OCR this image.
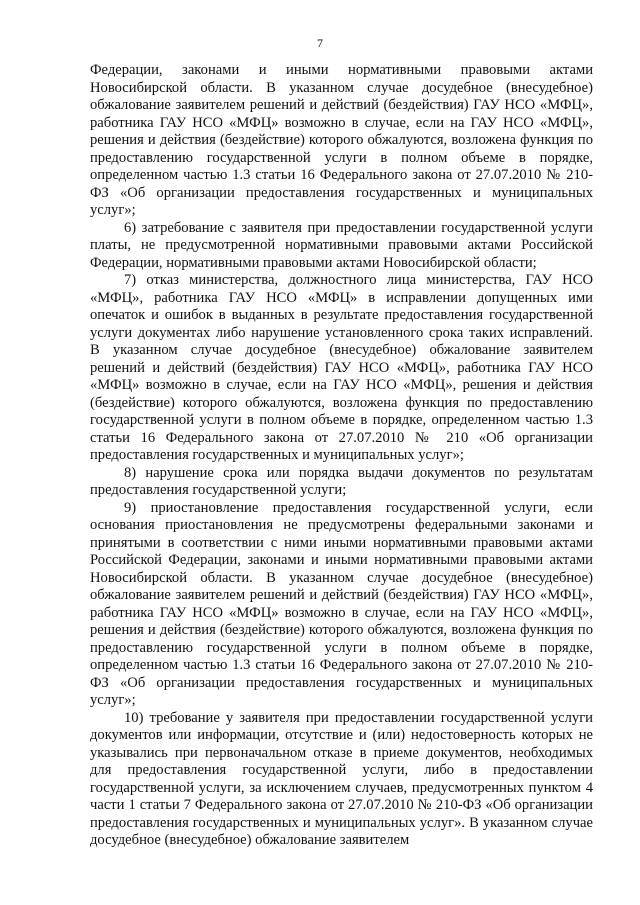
7

Федерации, законами и иными нормативными правовыми актами Новосибирской области. В указанном случае досудебное (внесудебное) обжалование заявителем решений и действий (бездействия) ГАУ НСО «МФЦ», работника ГАУ НСО «МФЦ» возможно в случае, если на ГАУ НСО «МФЦ», решения и действия (бездействие) которого обжалуются, возложена функция по предоставлению государственной услуги в полном объеме в порядке, определенном частью 1.3 статьи 16 Федерального закона от 27.07.2010 № 210-ФЗ «Об организации предоставления государственных и муниципальных услуг»;

6) затребование с заявителя при предоставлении государственной услуги платы, не предусмотренной нормативными правовыми актами Российской Федерации, нормативными правовыми актами Новосибирской области;

7) отказ министерства, должностного лица министерства, ГАУ НСО «МФЦ», работника ГАУ НСО «МФЦ» в исправлении допущенных ими опечаток и ошибок в выданных в результате предоставления государственной услуги документах либо нарушение установленного срока таких исправлений. В указанном случае досудебное (внесудебное) обжалование заявителем решений и действий (бездействия) ГАУ НСО «МФЦ», работника ГАУ НСО «МФЦ» возможно в случае, если на ГАУ НСО «МФЦ», решения и действия (бездействие) которого обжалуются, возложена функция по предоставлению государственной услуги в полном объеме в порядке, определенном частью 1.3 статьи 16 Федерального закона от 27.07.2010 № 210 «Об организации предоставления государственных и муниципальных услуг»;

8) нарушение срока или порядка выдачи документов по результатам предоставления государственной услуги;

9) приостановление предоставления государственной услуги, если основания приостановления не предусмотрены федеральными законами и принятыми в соответствии с ними иными нормативными правовыми актами Российской Федерации, законами и иными нормативными правовыми актами Новосибирской области. В указанном случае досудебное (внесудебное) обжалование заявителем решений и действий (бездействия) ГАУ НСО «МФЦ», работника ГАУ НСО «МФЦ» возможно в случае, если на ГАУ НСО «МФЦ», решения и действия (бездействие) которого обжалуются, возложена функция по предоставлению государственной услуги в полном объеме в порядке, определенном частью 1.3 статьи 16 Федерального закона от 27.07.2010 № 210-ФЗ «Об организации предоставления государственных и муниципальных услуг»;

10) требование у заявителя при предоставлении государственной услуги документов или информации, отсутствие и (или) недостоверность которых не указывались при первоначальном отказе в приеме документов, необходимых для предоставления государственной услуги, либо в предоставлении государственной услуги, за исключением случаев, предусмотренных пунктом 4 части 1 статьи 7 Федерального закона от 27.07.2010 № 210-ФЗ «Об организации предоставления государственных и муниципальных услуг». В указанном случае досудебное (внесудебное) обжалование заявителем
